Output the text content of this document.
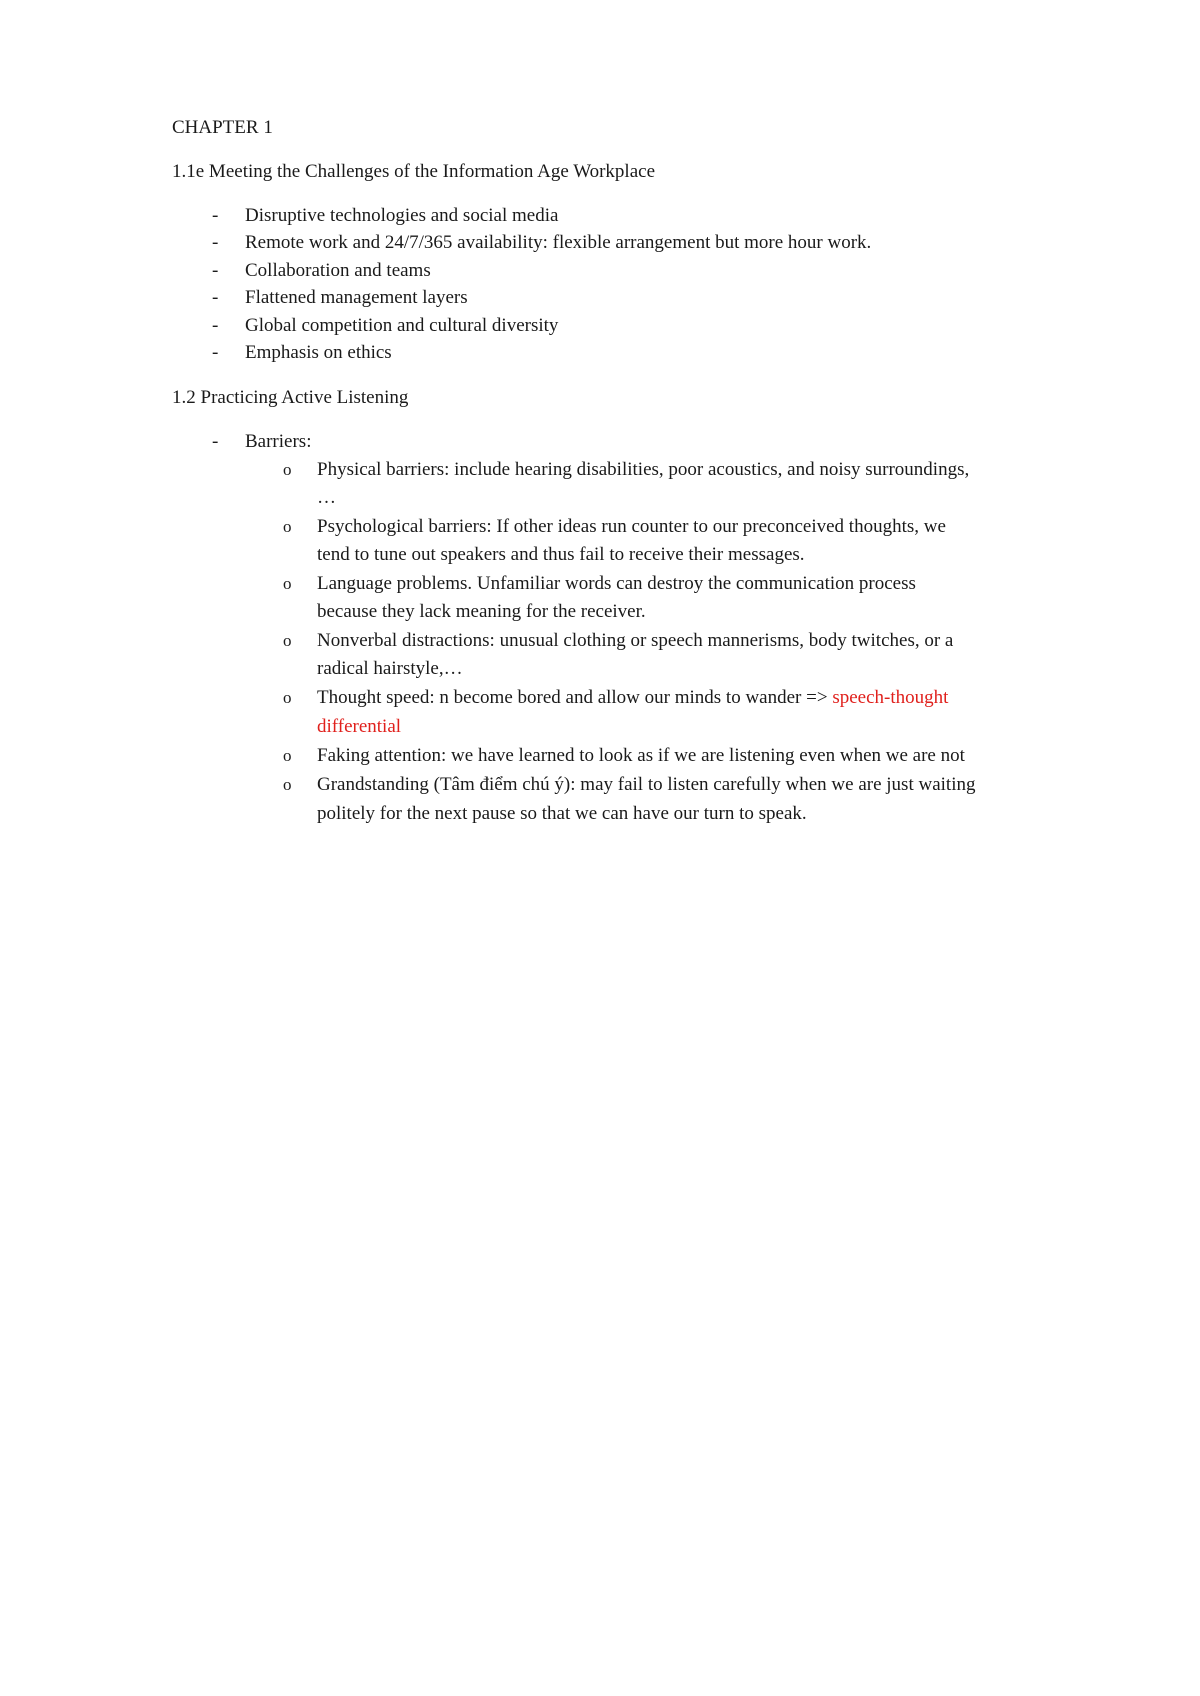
CHAPTER 1
1.1e Meeting the Challenges of the Information Age Workplace
- Disruptive technologies and social media
- Remote work and 24/7/365 availability: flexible arrangement but more hour work.
- Collaboration and teams
- Flattened management layers
- Global competition and cultural diversity
- Emphasis on ethics
1.2 Practicing Active Listening
- Barriers:
o Physical barriers: include hearing disabilities, poor acoustics, and noisy surroundings,
…
o Psychological barriers: If other ideas run counter to our preconceived thoughts, we
tend to tune out speakers and thus fail to receive their messages.
o Language problems. Unfamiliar words can destroy the communication process
because they lack meaning for the receiver.
o Nonverbal distractions: unusual clothing or speech mannerisms, body twitches, or a
radical hairstyle,…
o Thought speed: n become bored and allow our minds to wander => speech-thought
differential
o Faking attention: we have learned to look as if we are listening even when we are not
o Grandstanding (Tâm điểm chú ý): may fail to listen carefully when we are just waiting
politely for the next pause so that we can have our turn to speak.
